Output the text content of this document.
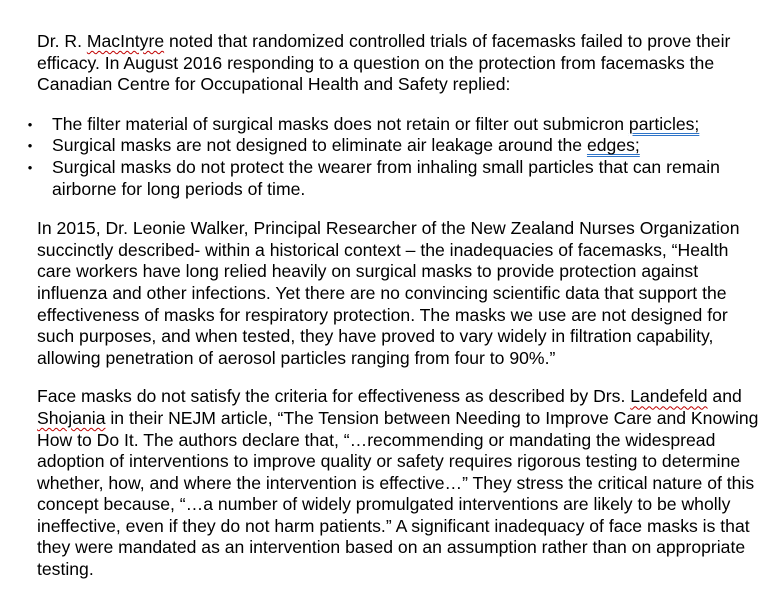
Dr. R. MacIntyre noted that randomized controlled trials of facemasks failed to prove their efficacy. In August 2016 responding to a question on the protection from facemasks the Canadian Centre for Occupational Health and Safety replied:

• The filter material of surgical masks does not retain or filter out submicron particles;
• Surgical masks are not designed to eliminate air leakage around the edges;
• Surgical masks do not protect the wearer from inhaling small particles that can remain airborne for long periods of time.

In 2015, Dr. Leonie Walker, Principal Researcher of the New Zealand Nurses Organization succinctly described- within a historical context – the inadequacies of facemasks, “Health care workers have long relied heavily on surgical masks to provide protection against influenza and other infections. Yet there are no convincing scientific data that support the effectiveness of masks for respiratory protection. The masks we use are not designed for such purposes, and when tested, they have proved to vary widely in filtration capability, allowing penetration of aerosol particles ranging from four to 90%.”

Face masks do not satisfy the criteria for effectiveness as described by Drs. Landefeld and Shojania in their NEJM article, “The Tension between Needing to Improve Care and Knowing How to Do It. The authors declare that, “…recommending or mandating the widespread adoption of interventions to improve quality or safety requires rigorous testing to determine whether, how, and where the intervention is effective…” They stress the critical nature of this concept because, “…a number of widely promulgated interventions are likely to be wholly ineffective, even if they do not harm patients.” A significant inadequacy of face masks is that they were mandated as an intervention based on an assumption rather than on appropriate testing.
